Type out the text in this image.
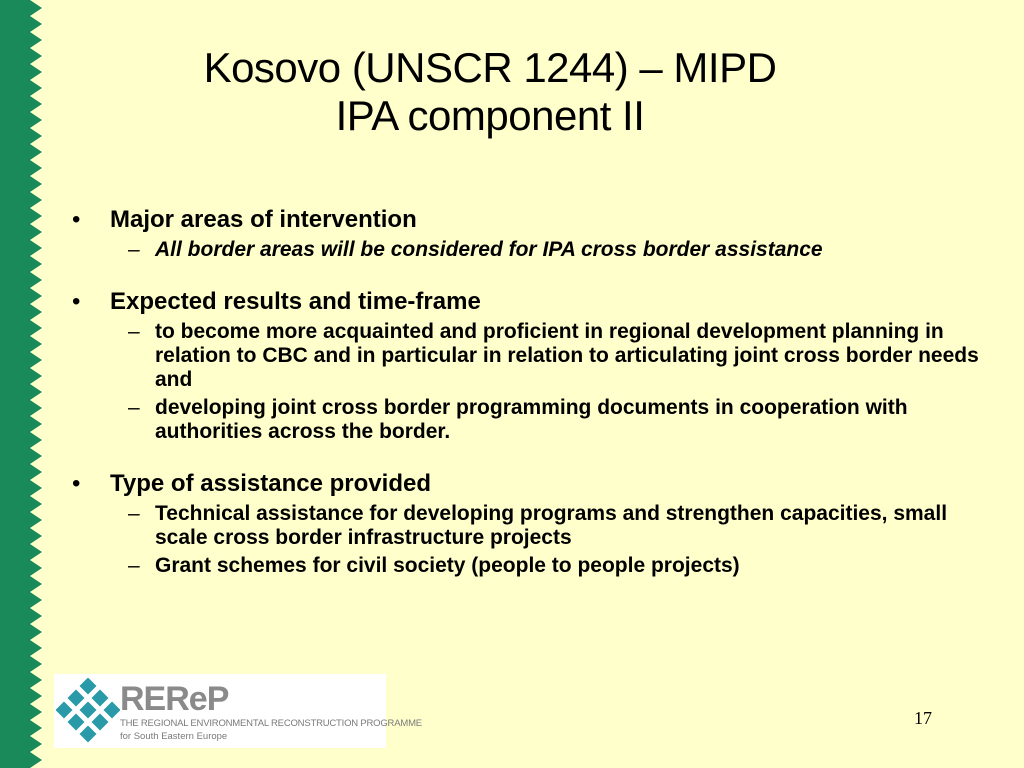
Kosovo (UNSCR 1244) – MIPD
IPA component II
• Major areas of intervention
– All border areas will be considered for IPA cross border assistance
• Expected results and time-frame
– to become more acquainted and proficient in regional development planning in relation to CBC and in particular in relation to articulating joint cross border needs and
– developing joint cross border programming documents in cooperation with authorities across the border.
• Type of assistance provided
– Technical assistance for developing programs and strengthen capacities, small scale cross border infrastructure projects
– Grant schemes for civil society (people to people projects)
REReP
THE REGIONAL ENVIRONMENTAL RECONSTRUCTION PROGRAMME
for South Eastern Europe
17
